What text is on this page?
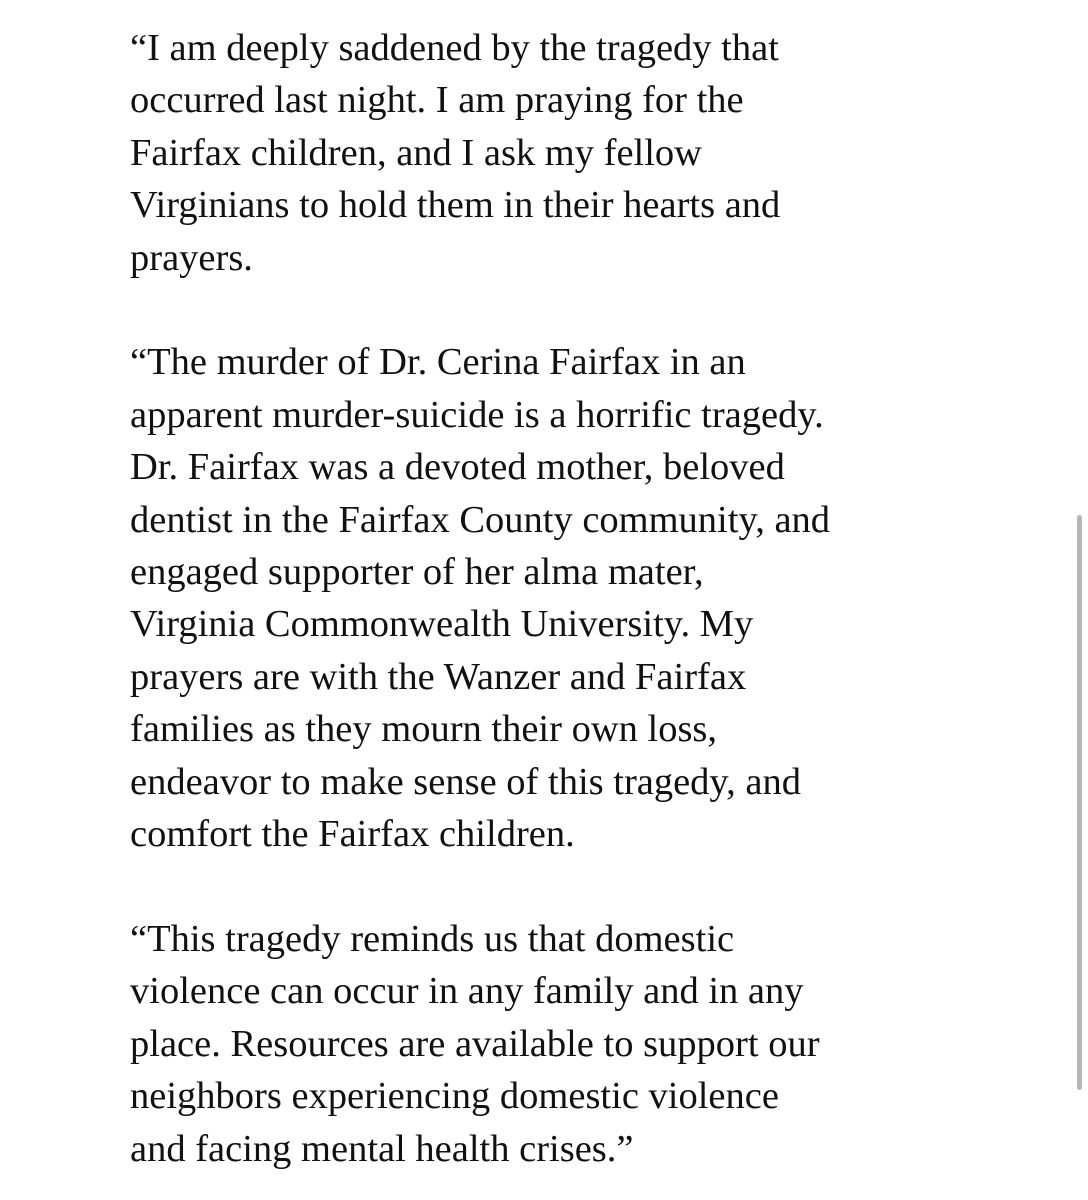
“I am deeply saddened by the tragedy that
occurred last night. I am praying for the
Fairfax children, and I ask my fellow
Virginians to hold them in their hearts and
prayers.

“The murder of Dr. Cerina Fairfax in an
apparent murder-suicide is a horrific tragedy.
Dr. Fairfax was a devoted mother, beloved
dentist in the Fairfax County community, and
engaged supporter of her alma mater,
Virginia Commonwealth University. My
prayers are with the Wanzer and Fairfax
families as they mourn their own loss,
endeavor to make sense of this tragedy, and
comfort the Fairfax children.

“This tragedy reminds us that domestic
violence can occur in any family and in any
place. Resources are available to support our
neighbors experiencing domestic violence
and facing mental health crises.”
